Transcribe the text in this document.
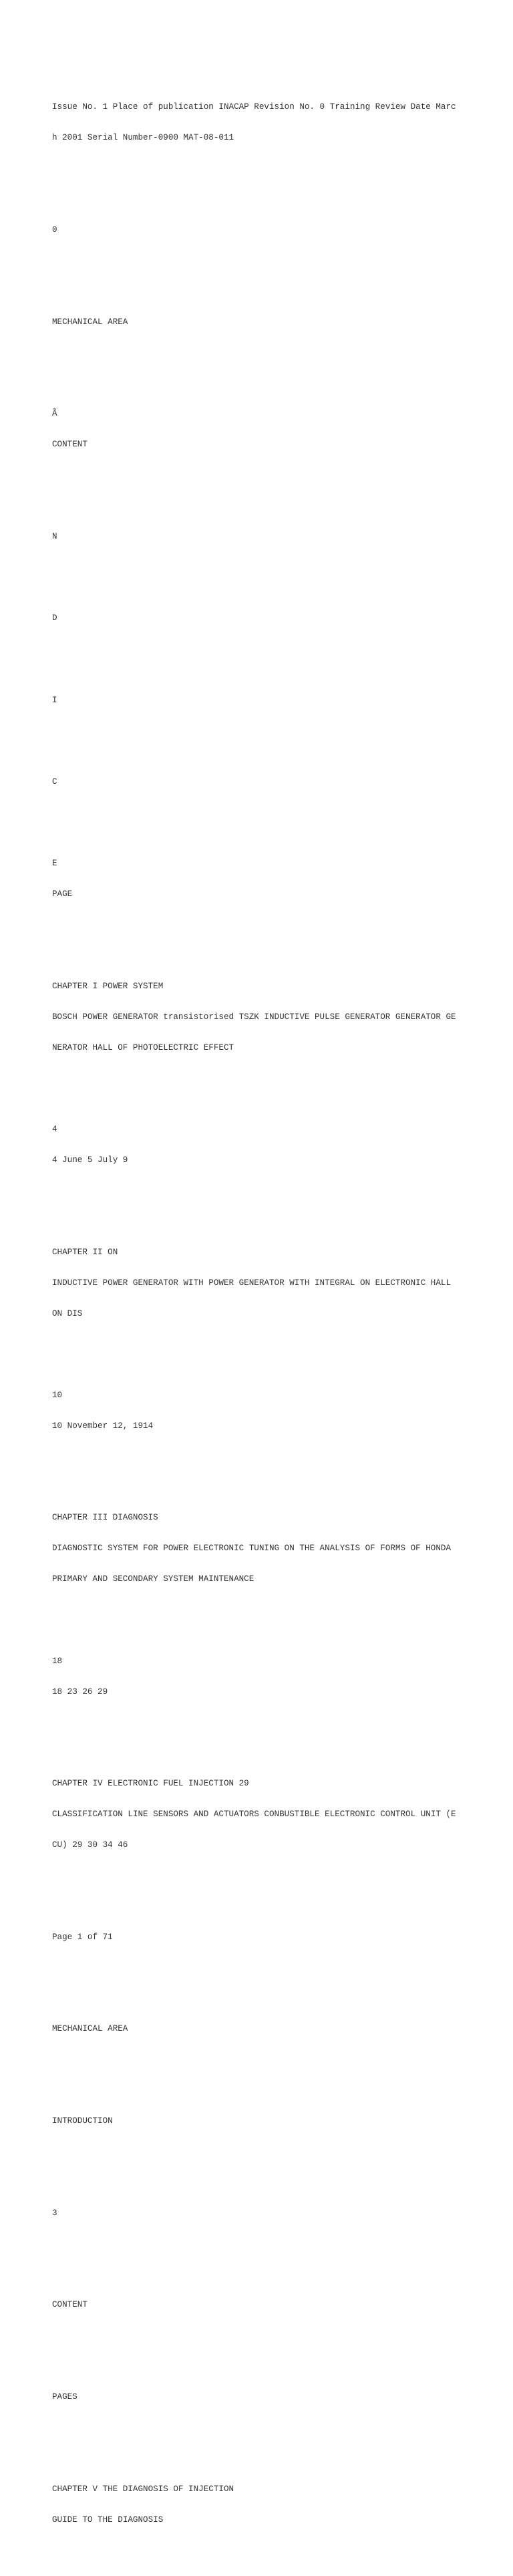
Issue No. 1 Place of publication INACAP Revision No. 0 Training Review Date Marc

h 2001 Serial Number-0900 MAT-08-011

0

MECHANICAL AREA

Ã

CONTENT

N

D

I

C

E

PAGE

CHAPTER I POWER SYSTEM

BOSCH POWER GENERATOR transistorised TSZK INDUCTIVE PULSE GENERATOR GENERATOR GE

NERATOR HALL OF PHOTOELECTRIC EFFECT

4

4 June 5 July 9

CHAPTER II ON

INDUCTIVE POWER GENERATOR WITH POWER GENERATOR WITH INTEGRAL ON ELECTRONIC HALL

ON DIS

10

10 November 12, 1914

CHAPTER III DIAGNOSIS

DIAGNOSTIC SYSTEM FOR POWER ELECTRONIC TUNING ON THE ANALYSIS OF FORMS OF HONDA

PRIMARY AND SECONDARY SYSTEM MAINTENANCE

18

18 23 26 29

CHAPTER IV ELECTRONIC FUEL INJECTION 29

CLASSIFICATION LINE SENSORS AND ACTUATORS CONBUSTIBLE ELECTRONIC CONTROL UNIT (E

CU) 29 30 34 46

Page 1 of 71

MECHANICAL AREA

INTRODUCTION

3

CONTENT

PAGES

CHAPTER V THE DIAGNOSIS OF INJECTION

GUIDE TO THE DIAGNOSIS
